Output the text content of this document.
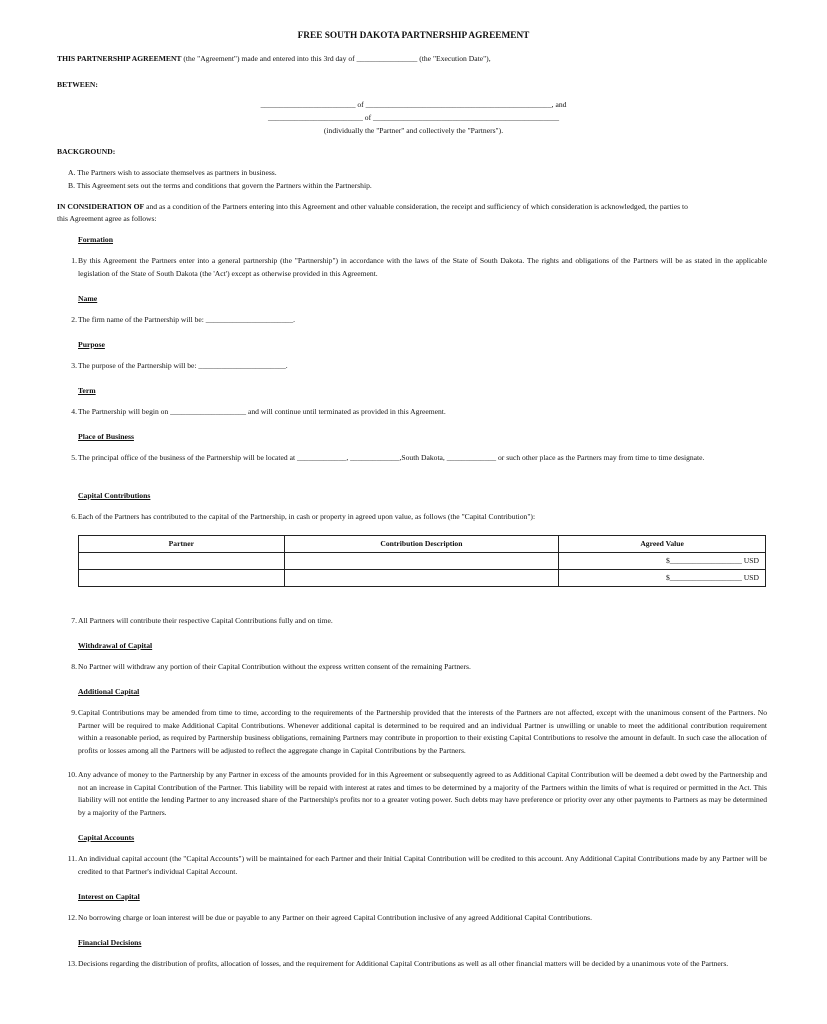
FREE SOUTH DAKOTA PARTNERSHIP AGREEMENT
THIS PARTNERSHIP AGREEMENT (the "Agreement") made and entered into this 3rd day of ________________ (the "Execution Date"),
BETWEEN:
_________________________ of _________________________________________________, and
_________________________ of _________________________________________________
(individually the "Partner" and collectively the "Partners").
BACKGROUND:
A. The Partners wish to associate themselves as partners in business.
B. This Agreement sets out the terms and conditions that govern the Partners within the Partnership.
IN CONSIDERATION OF and as a condition of the Partners entering into this Agreement and other valuable consideration, the receipt and sufficiency of which consideration is acknowledged, the parties to
this Agreement agree as follows:
Formation
1. By this Agreement the Partners enter into a general partnership (the "Partnership") in accordance with the laws of the State of South Dakota. The rights and obligations of the Partners will be as stated in the applicable legislation of the State of South Dakota (the 'Act') except as otherwise provided in this Agreement.
Name
2. The firm name of the Partnership will be: _______________________.
Purpose
3. The purpose of the Partnership will be: _______________________.
Term
4. The Partnership will begin on ____________________ and will continue until terminated as provided in this Agreement.
Place of Business
5. The principal office of the business of the Partnership will be located at _____________, _____________,South Dakota, _____________ or such other place as the Partners may from time to time designate.
Capital Contributions
6. Each of the Partners has contributed to the capital of the Partnership, in cash or property in agreed upon value, as follows (the "Capital Contribution"):
Partner	Contribution Description	Agreed Value
		$___________________ USD
		$___________________ USD
7. All Partners will contribute their respective Capital Contributions fully and on time.
Withdrawal of Capital
8. No Partner will withdraw any portion of their Capital Contribution without the express written consent of the remaining Partners.
Additional Capital
9. Capital Contributions may be amended from time to time, according to the requirements of the Partnership provided that the interests of the Partners are not affected, except with the unanimous consent of the Partners. No Partner will be required to make Additional Capital Contributions. Whenever additional capital is determined to be required and an individual Partner is unwilling or unable to meet the additional contribution requirement within a reasonable period, as required by Partnership business obligations, remaining Partners may contribute in proportion to their existing Capital Contributions to resolve the amount in default. In such case the allocation of profits or losses among all the Partners will be adjusted to reflect the aggregate change in Capital Contributions by the Partners.
10. Any advance of money to the Partnership by any Partner in excess of the amounts provided for in this Agreement or subsequently agreed to as Additional Capital Contribution will be deemed a debt owed by the Partnership and not an increase in Capital Contribution of the Partner. This liability will be repaid with interest at rates and times to be determined by a majority of the Partners within the limits of what is required or permitted in the Act. This liability will not entitle the lending Partner to any increased share of the Partnership's profits nor to a greater voting power. Such debts may have preference or priority over any other payments to Partners as may be determined by a majority of the Partners.
Capital Accounts
11. An individual capital account (the "Capital Accounts") will be maintained for each Partner and their Initial Capital Contribution will be credited to this account. Any Additional Capital Contributions made by any Partner will be credited to that Partner's individual Capital Account.
Interest on Capital
12. No borrowing charge or loan interest will be due or payable to any Partner on their agreed Capital Contribution inclusive of any agreed Additional Capital Contributions.
Financial Decisions
13. Decisions regarding the distribution of profits, allocation of losses, and the requirement for Additional Capital Contributions as well as all other financial matters will be decided by a unanimous vote of the Partners.
